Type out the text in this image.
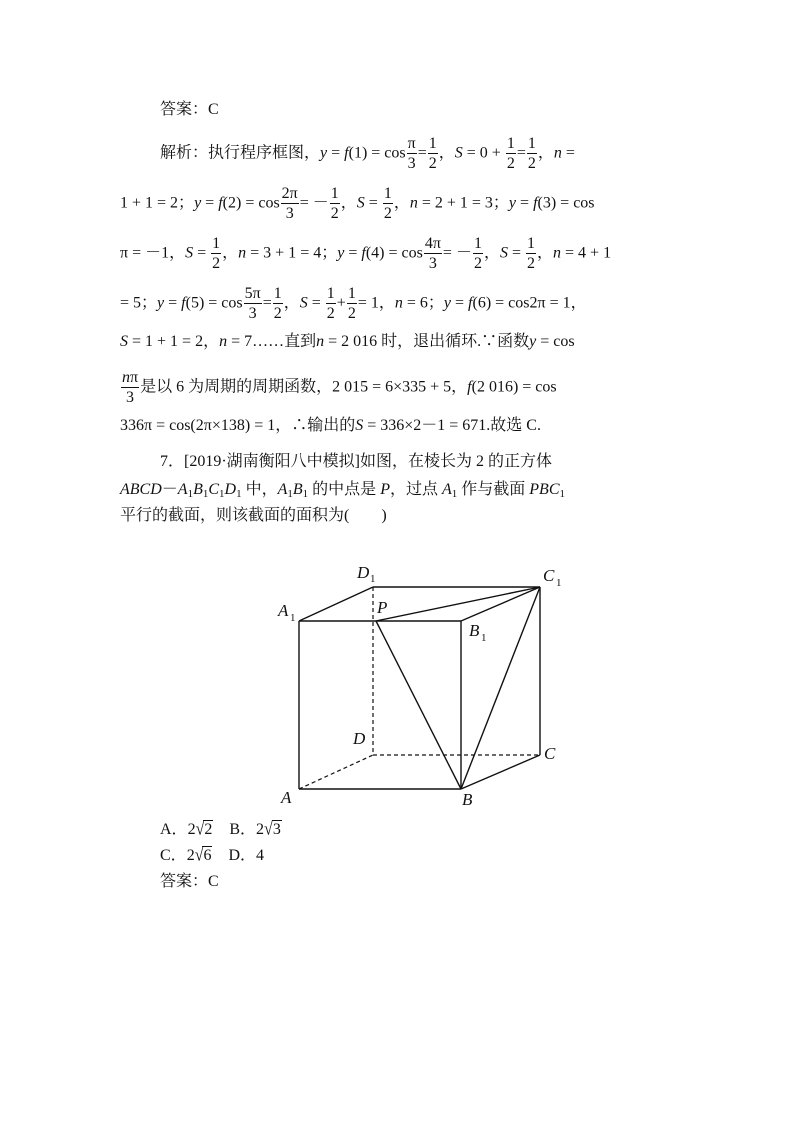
答案：C
解析：执行程序框图，$y = f(1) = \cos \frac{\pi}{3} = \frac{1}{2}$ ，$S = 0 + \frac{1}{2} = \frac{1}{2}$ ，n =
1 + 1 = 2；$y = f(2) = \cos \frac{2\pi}{3}$ = － $\frac{1}{2}$ ，$S = \frac{1}{2}$ ，n = 2 + 1 = 3；y = f(3) = cos
π = －1，$S = \frac{1}{2}$ ，n = 3 + 1 = 4；$y = f(4) = \cos \frac{4\pi}{3}$ = － $\frac{1}{2}$ ，$S = \frac{1}{2}$ ，n = 4 + 1
= 5；$y = f(5) = \cos \frac{5\pi}{3} = \frac{1}{2}$ ，$S = \frac{1}{2} + \frac{1}{2} = 1$，n = 6；y = f(6) = cos2π = 1，
S = 1 + 1 = 2，n = 7……直到n = 2 016 时，退出循环.∵函数y = cos
$\frac{n\pi}{3}$ 是以 6 为周期的周期函数，2 015 = 6×335 + 5，f(2 016) = cos
336π = cos(2π×138) = 1，∴输出的S = 336×2－1 = 671.故选 C.
7．[2019·湖南衡阳八中模拟]如图，在棱长为 2 的正方体
$ABCD-A_1B_1C_1D_1$ 中，$A_1B_1$ 的中点是 P，过点 $A_1$ 作与截面 $PBC_1$
平行的截面，则该截面的面积为(　　)
D 1	C 1
A 1
P
B 1
D
C
A	B
A．2√2 B．2√3
C．2√6 D．4
答案：C
